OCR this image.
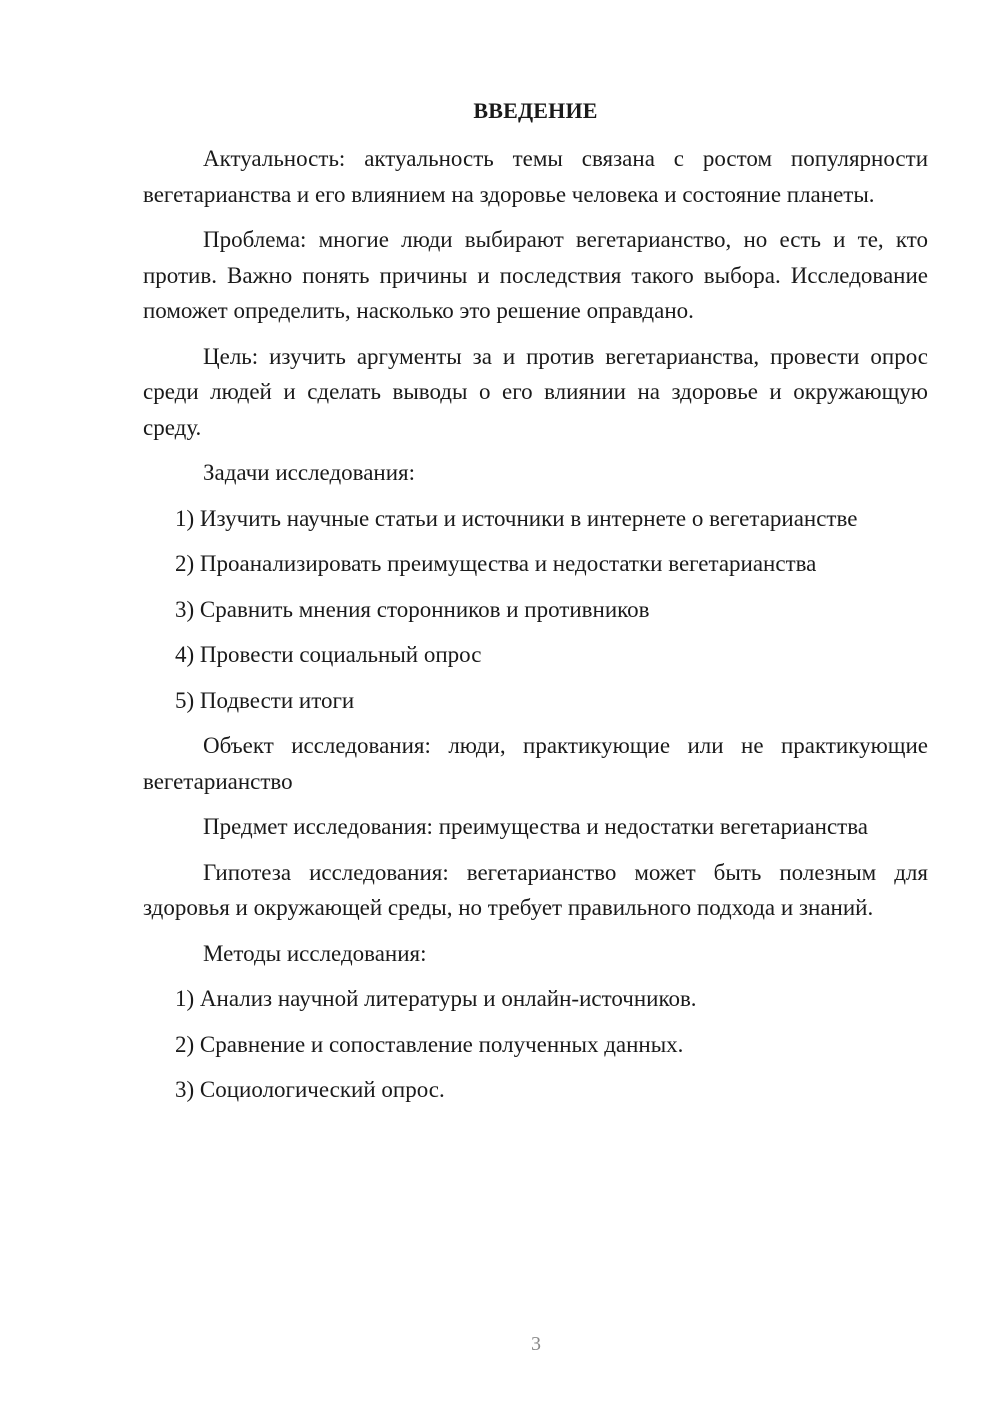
ВВЕДЕНИЕ

Актуальность: актуальность темы связана с ростом популярности вегетарианства и его влиянием на здоровье человека и состояние планеты.

Проблема: многие люди выбирают вегетарианство, но есть и те, кто против. Важно понять причины и последствия такого выбора. Исследование поможет определить, насколько это решение оправдано.

Цель: изучить аргументы за и против вегетарианства, провести опрос среди людей и сделать выводы о его влиянии на здоровье и окружающую среду.

Задачи исследования:

1) Изучить научные статьи и источники в интернете о вегетарианстве
2) Проанализировать преимущества и недостатки вегетарианства
3) Сравнить мнения сторонников и противников
4) Провести социальный опрос
5) Подвести итоги

Объект исследования: люди, практикующие или не практикующие вегетарианство

Предмет исследования: преимущества и недостатки вегетарианства

Гипотеза исследования: вегетарианство может быть полезным для здоровья и окружающей среды, но требует правильного подхода и знаний.

Методы исследования:

1) Анализ научной литературы и онлайн-источников.
2) Сравнение и сопоставление полученных данных.
3) Социологический опрос.
3
